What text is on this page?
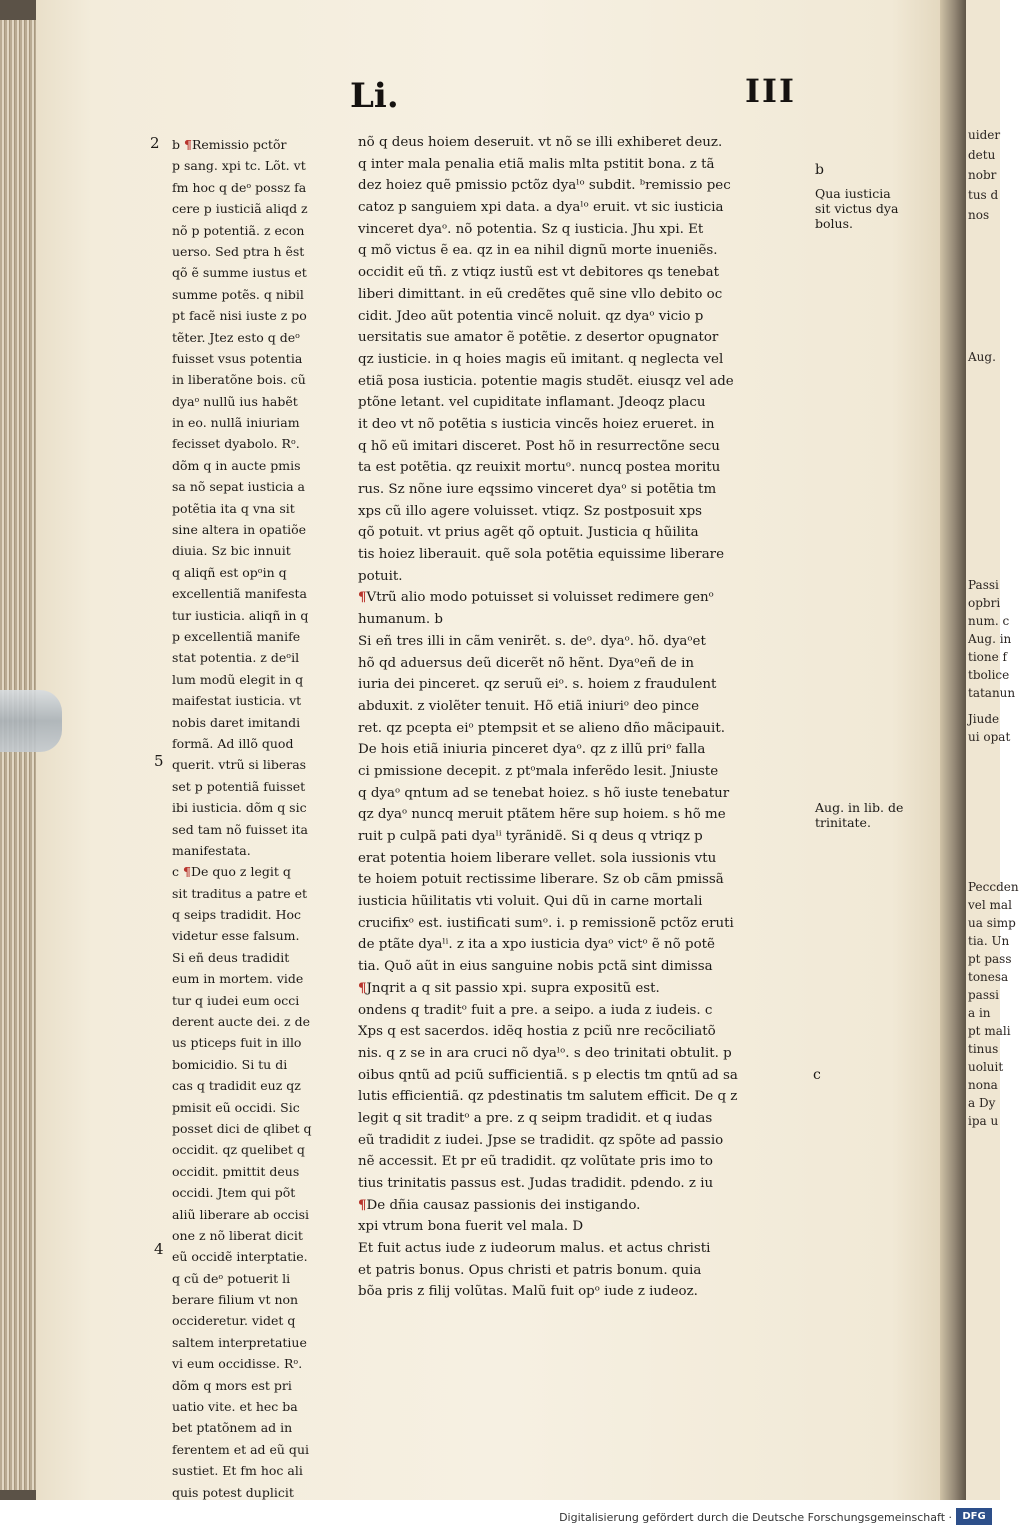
uider
detu
nobr
tus d
nos
Aug.
Passi
opbri
num. c
Aug. in
tione f
tbolice
tatanun
Jiude
ui opat
Peccden
vel mal
ua simp
tia. Un
pt pass
tonesa
passi
a in
pt mali
tinus
uoluit
nona
a Dy
ipa u
Li.	III
2
5
4
b ¶Remissio pctõr
p sang. xpi tc. Lõt. vt
fm hoc q deᵒ possz fa
cere p iusticiã aliqd z
nõ p potentiã. z econ
uerso. Sed ptra h ẽst
qõ ẽ summe iustus et
summe potẽs. q nibil
pt facẽ nisi iuste z po
tẽter. Jtez esto q deᵒ
fuisset vsus potentia
in liberatõne bois. cũ
dyaᵒ nullũ ius habẽt
in eo. nullã iniuriam
fecisset dyabolo. Rᵒ.
dõm q in aucte pmis
sa nõ sepat iusticia a
potẽtia ita q vna sit
sine altera in opatiõe
diuia. Sz bic innuit
q aliqñ est opᵒin q
excellentiã manifesta
tur iusticia. aliqñ in q
p excellentiã manife
stat potentia. z deᵒil
lum modũ elegit in q
maifestat iusticia. vt
nobis daret imitandi
formã. Ad illõ quod
querit. vtrũ si liberas
set p potentiã fuisset
ibi iusticia. dõm q sic
sed tam nõ fuisset ita
manifestata.
c ¶De quo z legit q
sit traditus a patre et
q seips tradidit. Hoc
videtur esse falsum.
Si eñ deus tradidit
eum in mortem. vide
tur q iudei eum occi
derent aucte dei. z de
us pticeps fuit in illo
bomicidio. Si tu di
cas q tradidit euz qz
pmisit eũ occidi. Sic
posset dici de qlibet q
occidit. qz quelibet q
occidit. pmittit deus
occidi. Jtem qui põt
aliũ liberare ab occisi
one z nõ liberat dicit
eũ occidẽ interptatie.
q cũ deᵒ potuerit li
berare filium vt non
occideretur. videt q
saltem interpretatiue
vi eum occidisse. Rᵒ.
dõm q mors est pri
uatio vite. et hec ba
bet ptatõnem ad in
ferentem et ad eũ qui
sustiet. Et fm hoc ali
quis potest duplicit
nõ q deus hoiem deseruit. vt nõ se illi exhiberet deuz.
q inter mala penalia etiã malis mlta pstitit bona. z tã
dez hoiez quẽ pmissio pctõz dyaˡᵒ subdit. ᵇremissio pec
catoz p sanguiem xpi data. a dyaˡᵒ eruit. vt sic iusticia
vinceret dyaᵒ. nõ potentia. Sz q iusticia. Jhu xpi. Et
q mõ victus ẽ ea. qz in ea nihil dignũ morte inueniẽs.
occidit eũ tñ. z vtiqz iustũ est vt debitores qs tenebat
liberi dimittant. in eũ credẽtes quẽ sine vllo debito oc
cidit. Jdeo aũt potentia vincẽ noluit. qz dyaᵒ vicio p
uersitatis sue amator ẽ potẽtie. z desertor opugnator
qz iusticie. in q hoies magis eũ imitant. q neglecta vel
etiã posa iusticia. potentie magis studẽt. eiusqz vel ade
ptõne letant. vel cupiditate inflamant. Jdeoqz placu
it deo vt nõ potẽtia s iusticia vincẽs hoiez erueret. in
q hõ eũ imitari disceret. Post hõ in resurrectõne secu
ta est potẽtia. qz reuixit mortuᵒ. nuncq postea moritu
rus. Sz nõne iure eqssimo vinceret dyaᵒ si potẽtia tm
xps cũ illo agere voluisset. vtiqz. Sz postposuit xps
qõ potuit. vt prius agẽt qõ optuit. Justicia q hũilita
tis hoiez liberauit. quẽ sola potẽtia equissime liberare
potuit.
¶Vtrũ alio modo potuisset si voluisset redimere genᵒ
humanum. b
Si eñ tres illi in cãm venirẽt. s. deᵒ. dyaᵒ. hõ. dyaᵒet
hõ qd aduersus deũ dicerẽt nõ hẽnt. Dyaᵒeñ de in
iuria dei pinceret. qz seruũ eiᵒ. s. hoiem z fraudulent
abduxit. z violẽter tenuit. Hõ etiã iniuriᵒ deo pince
ret. qz pcepta eiᵒ ptempsit et se alieno dño mãcipauit.
De hois etiã iniuria pinceret dyaᵒ. qz z illũ priᵒ falla
ci pmissione decepit. z ptᵒmala inferẽdo lesit. Jniuste
q dyaᵒ qntum ad se tenebat hoiez. s hõ iuste tenebatur
qz dyaᵒ nuncq meruit ptãtem hẽre sup hoiem. s hõ me
ruit p culpã pati dyaˡⁱ tyrãnidẽ. Si q deus q vtriqz p
erat potentia hoiem liberare vellet. sola iussionis vtu
te hoiem potuit rectissime liberare. Sz ob cãm pmissã
iusticia hũilitatis vti voluit. Qui dũ in carne mortali
crucifixᵒ est. iustificati sumᵒ. i. p remissionẽ pctõz eruti
de ptãte dyaˡⁱ. z ita a xpo iusticia dyaᵒ victᵒ ẽ nõ potẽ
tia. Quõ aũt in eius sanguine nobis pctã sint dimissa
¶Jnqrit a q sit passio xpi. supra expositũ est.
ondens q traditᵒ fuit a pre. a seipo. a iuda z iudeis. c
Xps q est sacerdos. idẽq hostia z pciũ nre recõciliatõ
nis. q z se in ara cruci nõ dyaˡᵒ. s deo trinitati obtulit. p
oibus qntũ ad pciũ sufficientiã. s p electis tm qntũ ad sa
lutis efficientiã. qz pdestinatis tm salutem efficit. De q z
legit q sit traditᵒ a pre. z q seipm tradidit. et q iudas
eũ tradidit z iudei. Jpse se tradidit. qz spõte ad passio
nẽ accessit. Et pr eũ tradidit. qz volũtate pris imo to
tius trinitatis passus est. Judas tradidit. pdendo. z iu
¶De dñia causaz passionis dei instigando.
xpi vtrum bona fuerit vel mala. D
Et fuit actus iude z iudeorum malus. et actus christi
et patris bonus. Opus christi et patris bonum. quia
bõa pris z filij volũtas. Malũ fuit opᵒ iude z iudeoz.
b
Qua iusticia
sit victus dya
bolus.
Aug. in lib. de
trinitate.
c
Digitalisierung gefördert durch die Deutsche Forschungsgemeinschaft ·	DFG
